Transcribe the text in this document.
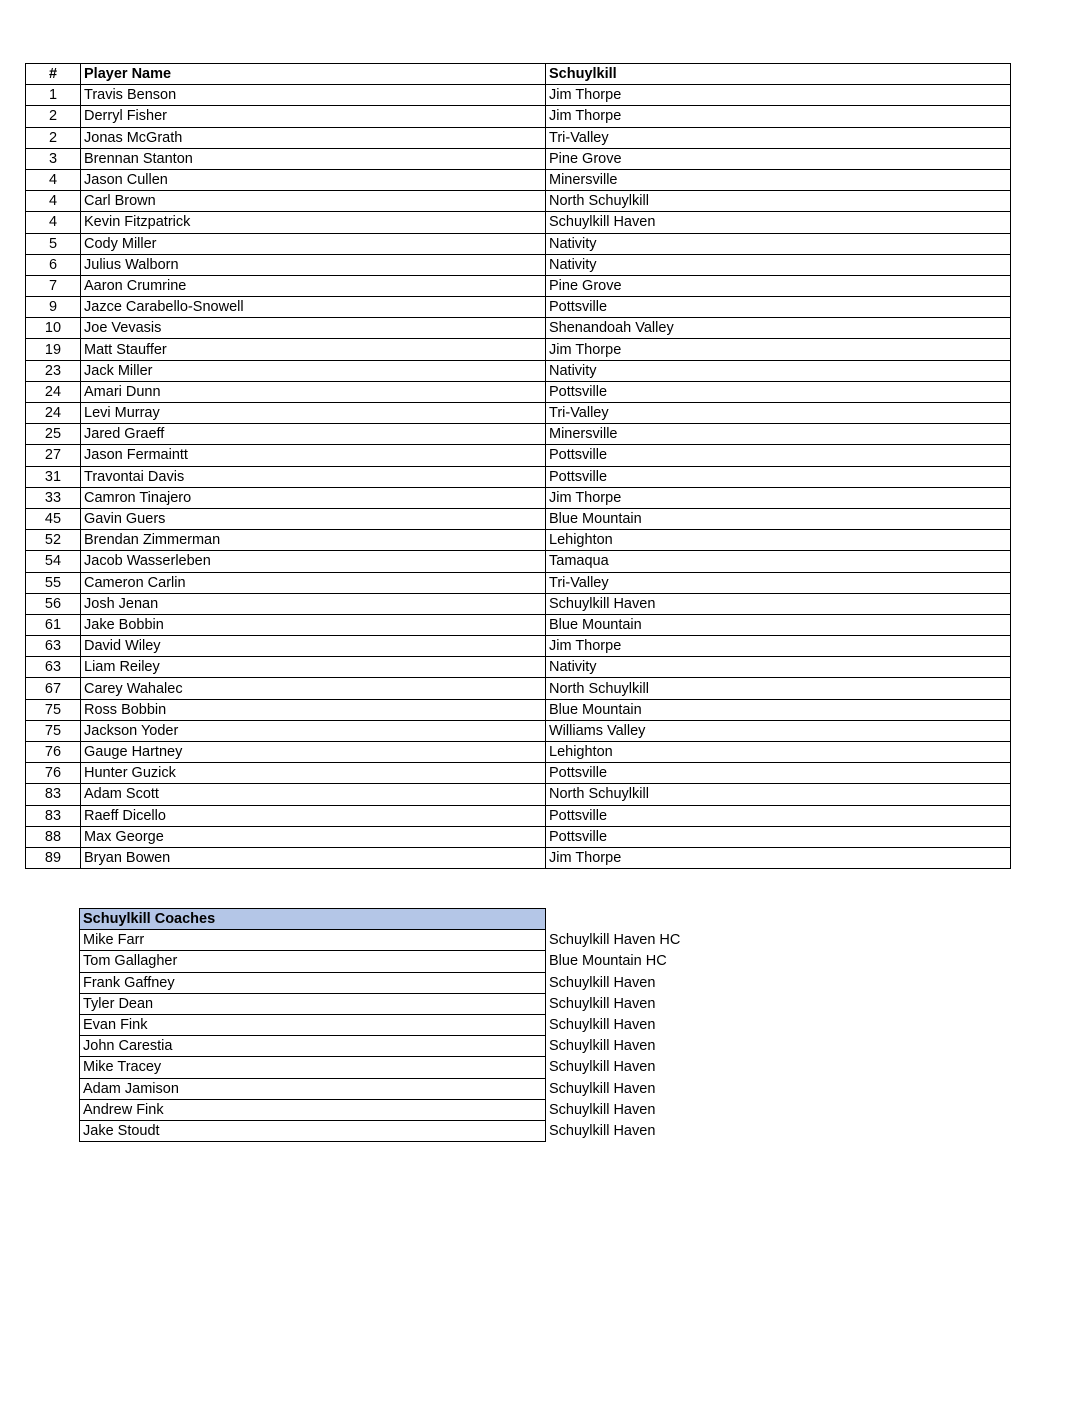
#	Player Name	Schuylkill
1	Travis Benson	Jim Thorpe
2	Derryl Fisher	Jim Thorpe
2	Jonas McGrath	Tri-Valley
3	Brennan Stanton	Pine Grove
4	Jason Cullen	Minersville
4	Carl Brown	North Schuylkill
4	Kevin Fitzpatrick	Schuylkill Haven
5	Cody Miller	Nativity
6	Julius Walborn	Nativity
7	Aaron Crumrine	Pine Grove
9	Jazce Carabello-Snowell	Pottsville
10	Joe Vevasis	Shenandoah Valley
19	Matt Stauffer	Jim Thorpe
23	Jack Miller	Nativity
24	Amari Dunn	Pottsville
24	Levi Murray	Tri-Valley
25	Jared Graeff	Minersville
27	Jason Fermaintt	Pottsville
31	Travontai Davis	Pottsville
33	Camron Tinajero	Jim Thorpe
45	Gavin Guers	Blue Mountain
52	Brendan Zimmerman	Lehighton
54	Jacob Wasserleben	Tamaqua
55	Cameron Carlin	Tri-Valley
56	Josh Jenan	Schuylkill Haven
61	Jake Bobbin	Blue Mountain
63	David Wiley	Jim Thorpe
63	Liam Reiley	Nativity
67	Carey Wahalec	North Schuylkill
75	Ross Bobbin	Blue Mountain
75	Jackson Yoder	Williams Valley
76	Gauge Hartney	Lehighton
76	Hunter Guzick	Pottsville
83	Adam Scott	North Schuylkill
83	Raeff Dicello	Pottsville
88	Max George	Pottsville
89	Bryan Bowen	Jim Thorpe
Schuylkill Coaches	
Mike Farr	Schuylkill Haven HC
Tom Gallagher	Blue Mountain HC
Frank Gaffney	Schuylkill Haven
Tyler Dean	Schuylkill Haven
Evan Fink	Schuylkill Haven
John Carestia	Schuylkill Haven
Mike Tracey	Schuylkill Haven
Adam Jamison	Schuylkill Haven
Andrew Fink	Schuylkill Haven
Jake Stoudt	Schuylkill Haven
